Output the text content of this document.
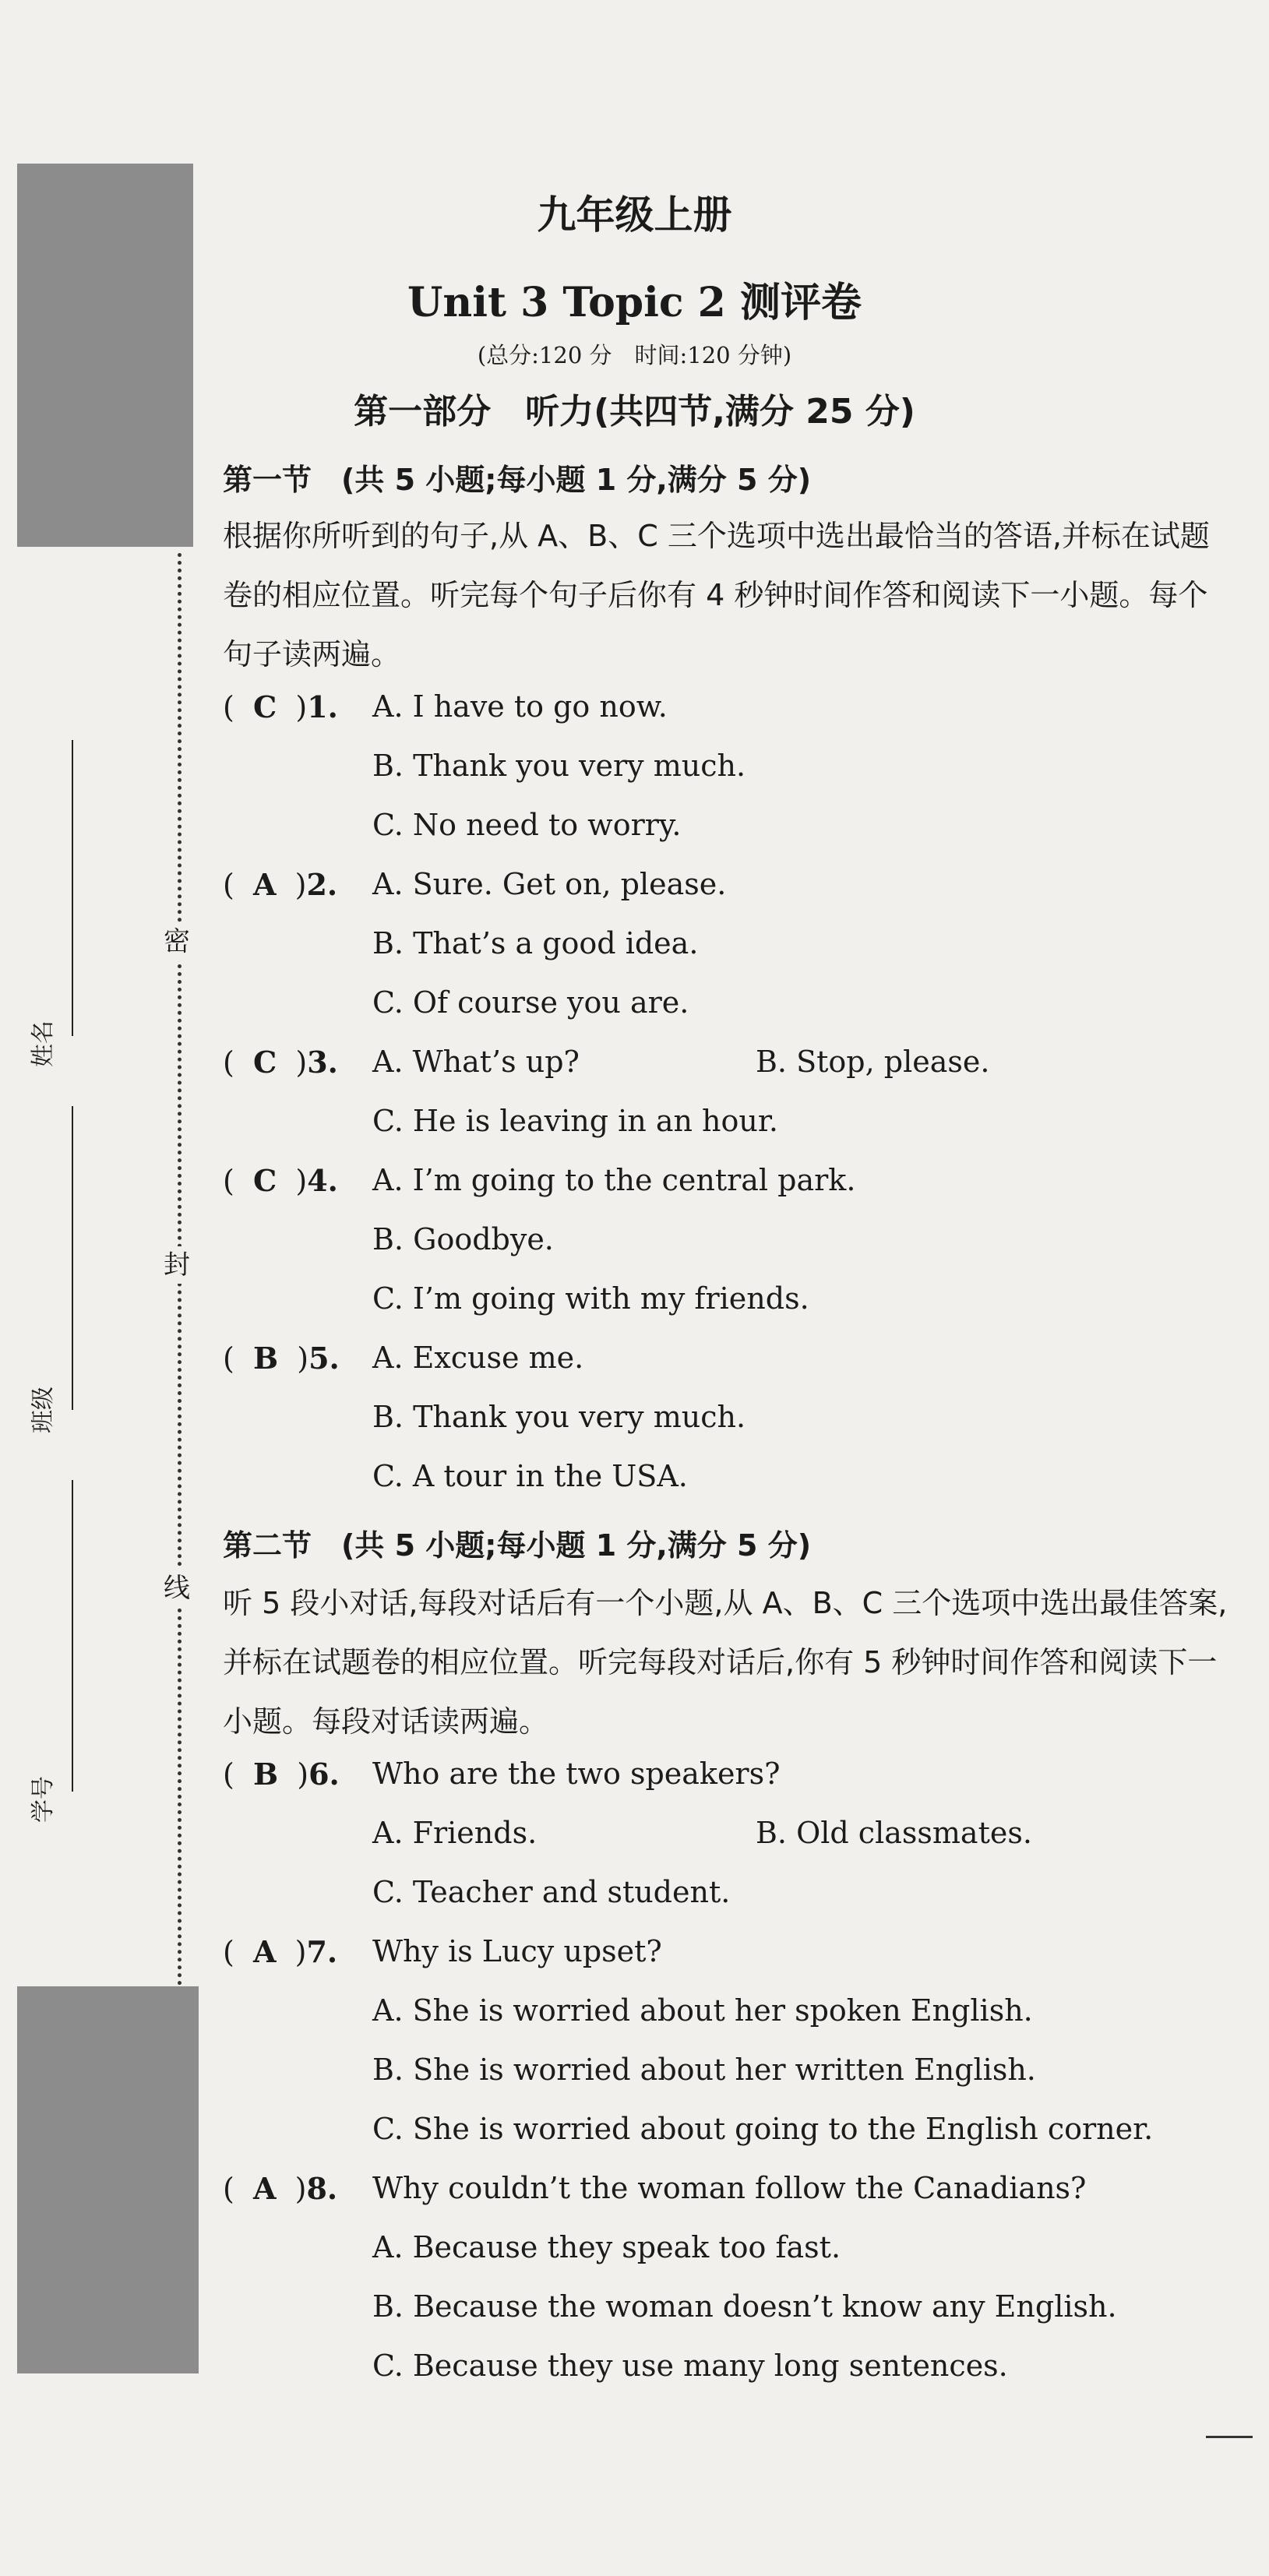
密
封
线
姓名
班级
学号
九年级上册
Unit 3 Topic 2 测评卷
(总分:120 分　时间:120 分钟)
第一部分　听力(共四节,满分 25 分)
第一节　(共 5 小题;每小题 1 分,满分 5 分)
根据你所听到的句子,从 A、B、C 三个选项中选出最恰当的答语,并标在试题卷的相应位置。听完每个句子后你有 4 秒钟时间作答和阅读下一小题。每个句子读两遍。
(  C  )1. A. I have to go now.
B. Thank you very much.
C. No need to worry.
(  A  )2. A. Sure. Get on, please.
B. That’s a good idea.
C. Of course you are.
(  C  )3. A. What’s up?	B. Stop, please.
C. He is leaving in an hour.
(  C  )4. A. I’m going to the central park.
B. Goodbye.
C. I’m going with my friends.
(  B  )5. A. Excuse me.
B. Thank you very much.
C. A tour in the USA.
第二节　(共 5 小题;每小题 1 分,满分 5 分)
听 5 段小对话,每段对话后有一个小题,从 A、B、C 三个选项中选出最佳答案,并标在试题卷的相应位置。听完每段对话后,你有 5 秒钟时间作答和阅读下一小题。每段对话读两遍。
(  B  )6. Who are the two speakers?
A. Friends.	B. Old classmates.
C. Teacher and student.
(  A  )7. Why is Lucy upset?
A. She is worried about her spoken English.
B. She is worried about her written English.
C. She is worried about going to the English corner.
(  A  )8. Why couldn’t the woman follow the Canadians?
A. Because they speak too fast.
B. Because the woman doesn’t know any English.
C. Because they use many long sentences.
